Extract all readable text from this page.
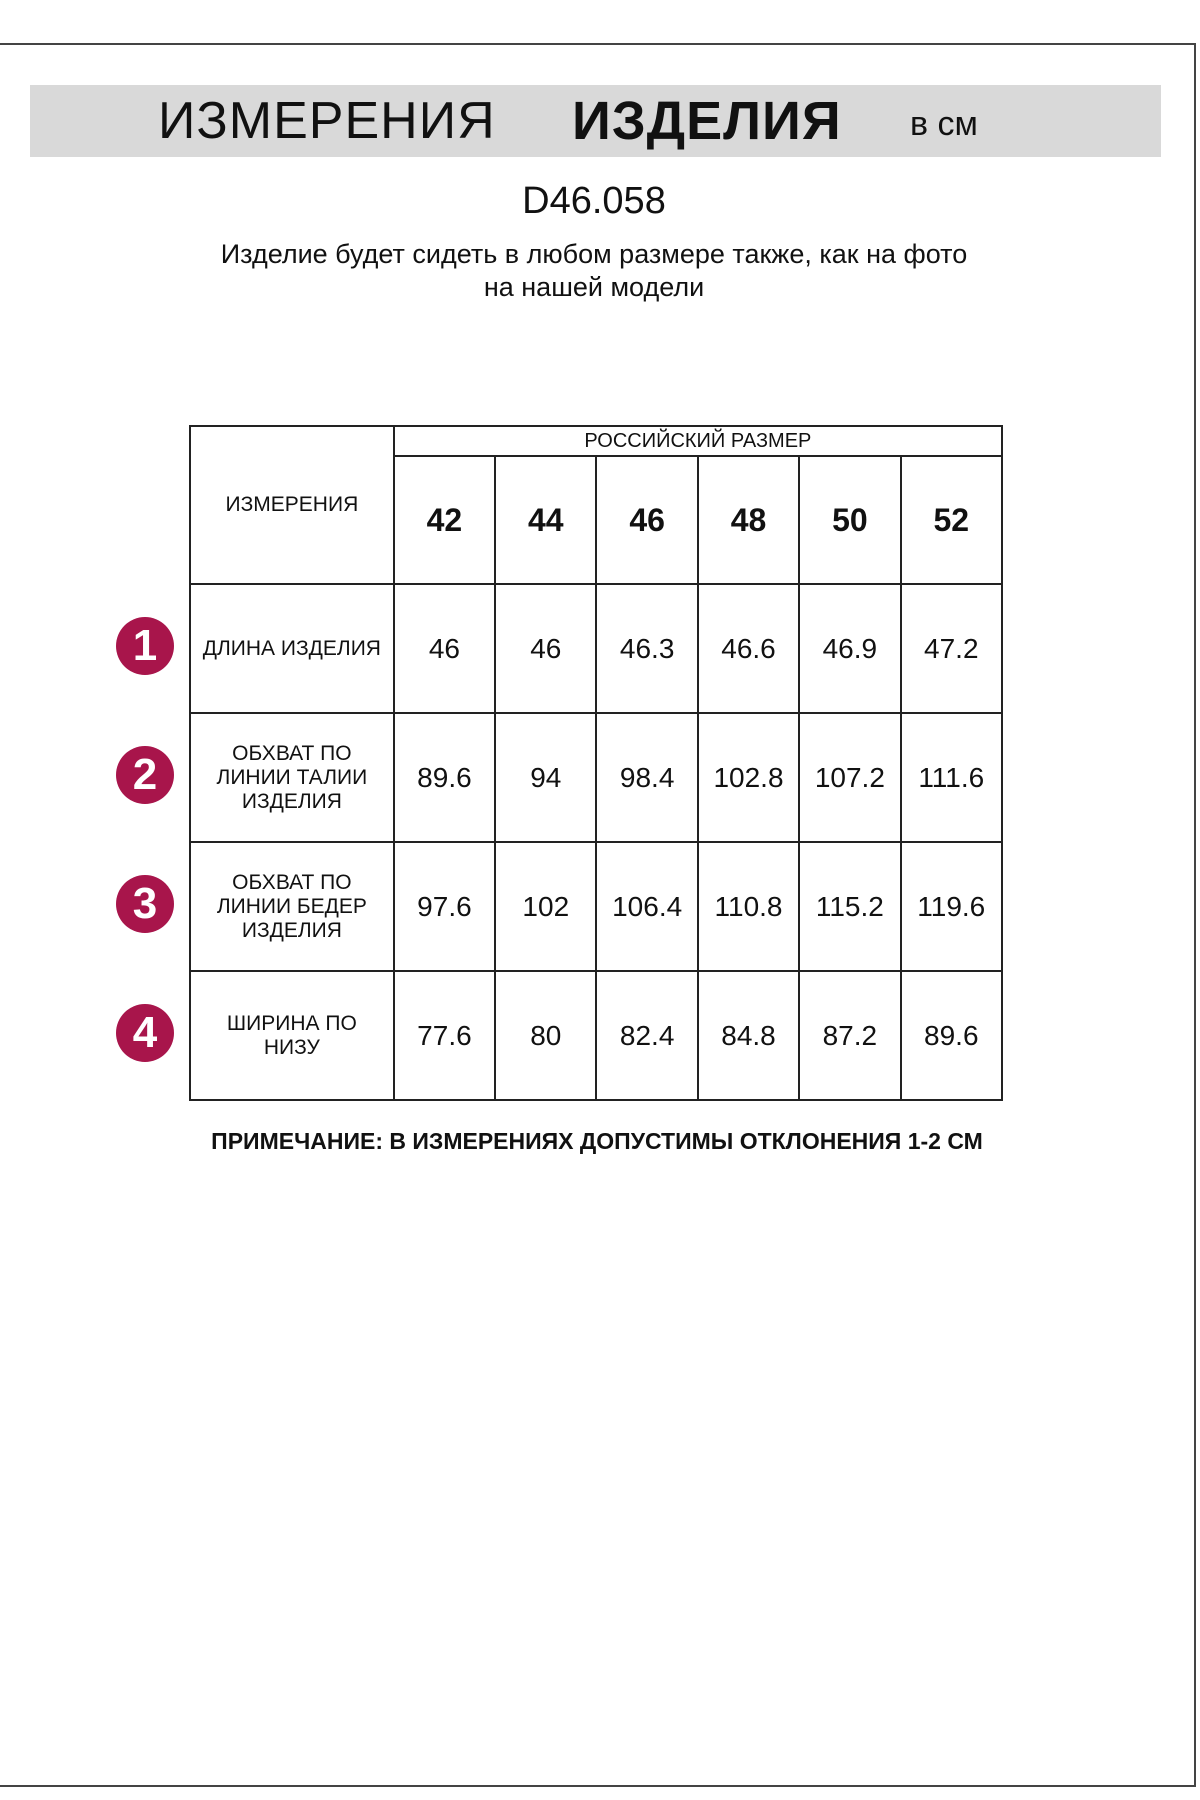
ИЗМЕРЕНИЯ ИЗДЕЛИЯ в см
D46.058
Изделие будет сидеть в любом размере также, как на фото
на нашей модели
ИЗМЕРЕНИЯ	РОССИЙСКИЙ РАЗМЕР					
	42	44	46	48	50	52
ДЛИНА ИЗДЕЛИЯ	46	46	46.3	46.6	46.9	47.2
ОБХВАТ ПО
ЛИНИИ ТАЛИИ
ИЗДЕЛИЯ	89.6	94	98.4	102.8	107.2	111.6
ОБХВАТ ПО
ЛИНИИ БЕДЕР
ИЗДЕЛИЯ	97.6	102	106.4	110.8	115.2	119.6
ШИРИНА ПО
НИЗУ	77.6	80	82.4	84.8	87.2	89.6
1
2
3
4
ПРИМЕЧАНИЕ: В ИЗМЕРЕНИЯХ ДОПУСТИМЫ ОТКЛОНЕНИЯ 1-2 СМ
